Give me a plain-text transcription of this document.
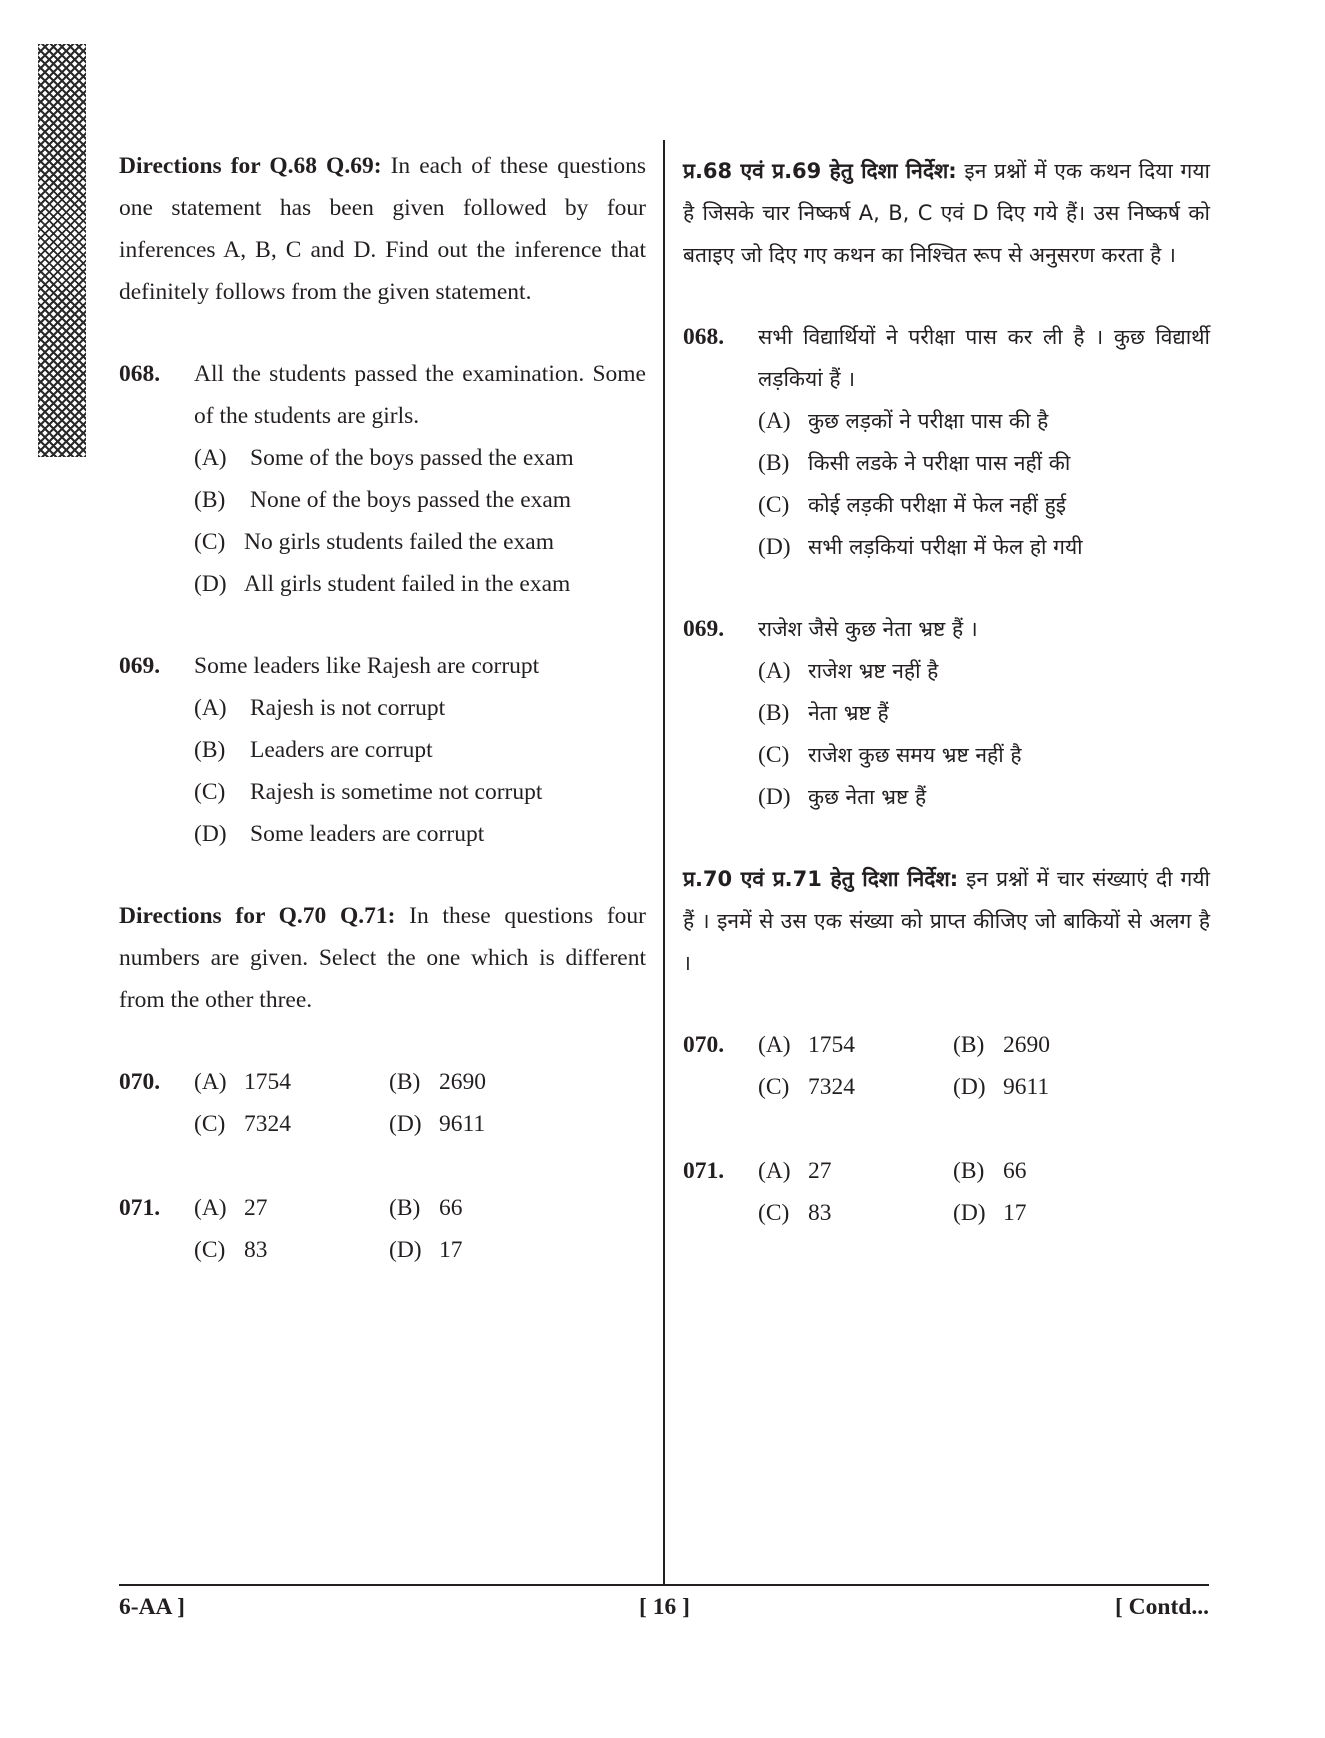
Directions for Q.68 Q.69: In each of these questions one statement has been given followed by four inferences A, B, C and D. Find out the inference that definitely follows from the given statement.

068. All the students passed the examination. Some of the students are girls.

(A) Some of the boys passed the exam
(B)	None of the boys passed the exam
(C) No girls students failed the exam
(D) All girls student failed in the exam
069. Some leaders like Rajesh are corrupt

(A) Rajesh is not corrupt
(B)	Leaders are corrupt
(C)	Rajesh is sometime not corrupt
(D) Some leaders are corrupt

Directions for Q.70 Q.71: In these questions four numbers are given. Select the one which is different from the other three.

070. (A) 1754	(B) 2690
(C) 7324	(D) 9611
071. (A) 27	(B) 66
(C) 83	(D) 17

प्र.68 एवं प्र.69 हेतु दिशा निर्देश: इन प्रश्नों में एक कथन दिया गया है जिसके चार निष्कर्ष A, B, C एवं D दिए गये हैं। उस निष्कर्ष को बताइए जो दिए गए कथन का निश्चित रूप से अनुसरण करता है ।

068. सभी विद्यार्थियों ने परीक्षा पास कर ली है । कुछ विद्यार्थी लड़कियां हैं ।

(A) कुछ लड़कों ने परीक्षा पास की है
(B) किसी लडके ने परीक्षा पास नहीं की
(C) कोई लड़की परीक्षा में फेल नहीं हुई
(D) सभी लड़कियां परीक्षा में फेल हो गयी
069. राजेश जैसे कुछ नेता भ्रष्ट हैं ।

(A) राजेश भ्रष्ट नहीं है
(B) नेता भ्रष्ट हैं
(C) राजेश कुछ समय भ्रष्ट नहीं है
(D) कुछ नेता भ्रष्ट हैं

प्र.70 एवं प्र.71 हेतु दिशा निर्देश: इन प्रश्नों में चार संख्याएं दी गयी हैं । इनमें से उस एक संख्या को प्राप्त कीजिए जो बाकियों से अलग है ।

070. (A) 1754	(B) 2690
(C) 7324	(D) 9611
071. (A) 27	(B) 66
(C) 83	(D) 17
6-AA ]	[ 16 ]	[ Contd...
